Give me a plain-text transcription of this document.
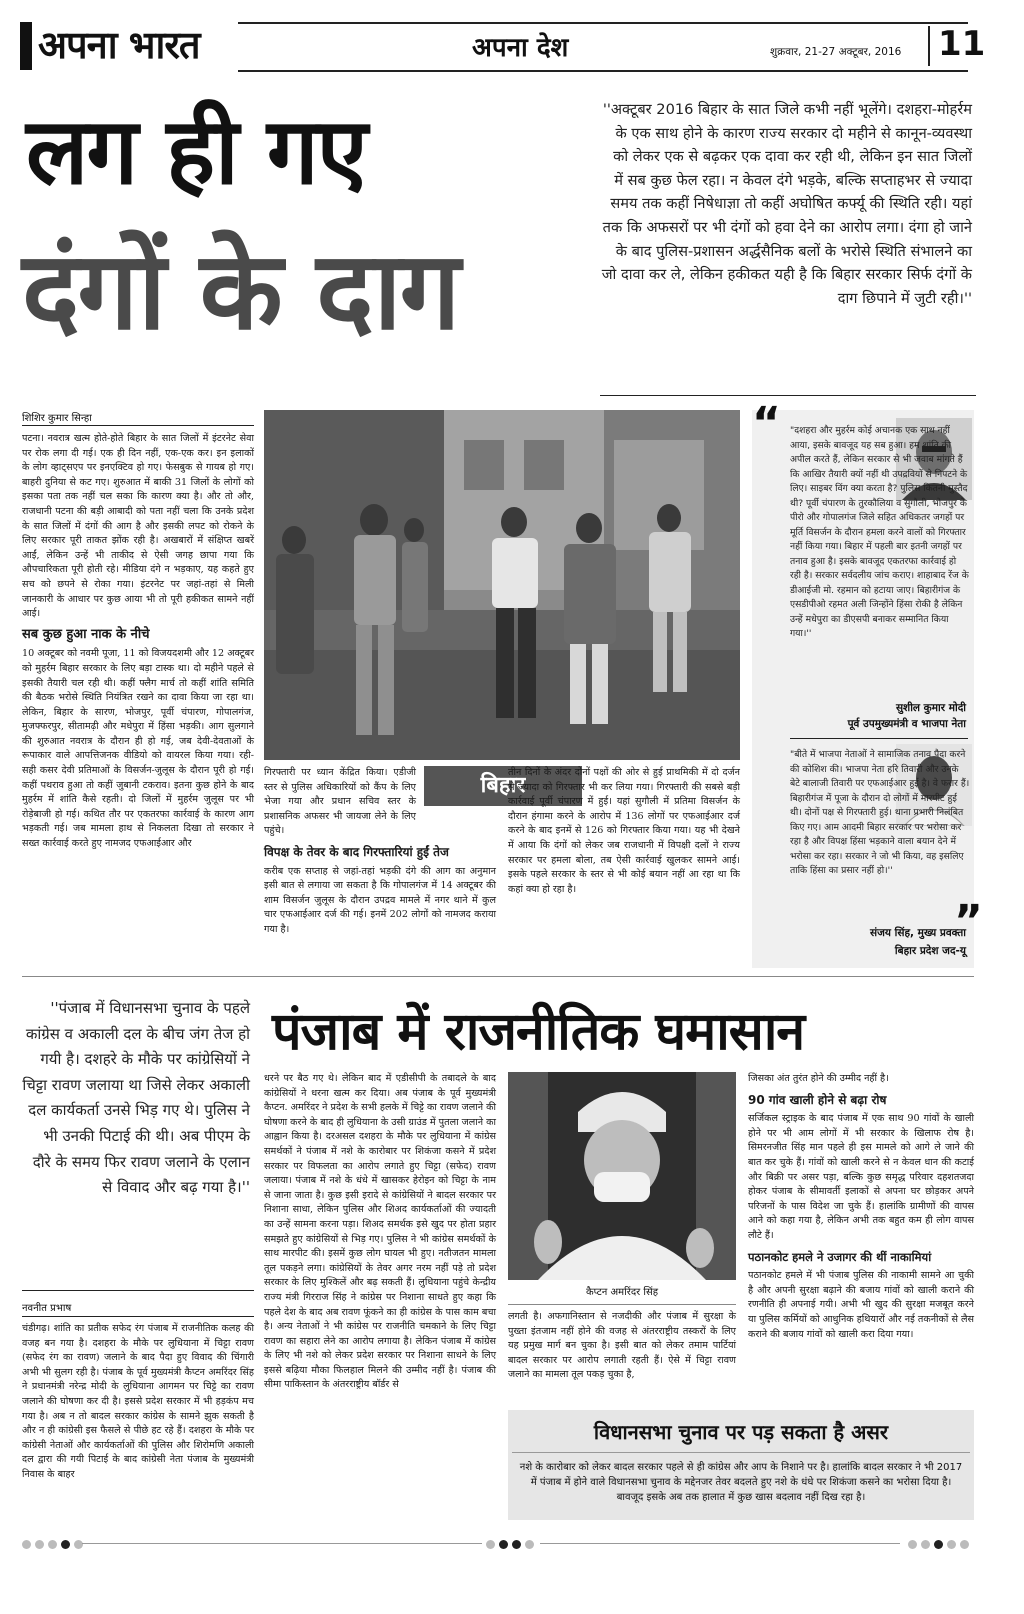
अपना भारत	अपना देश	शुक्रवार, 21-27 अक्टूबर, 2016 11
लग ही गए
दंगों के दाग
''अक्टूबर 2016 बिहार के सात जिले कभी नहीं भूलेंगे। दशहरा-मोहर्रम के एक साथ होने के कारण राज्य सरकार दो महीने से कानून-व्यवस्था को लेकर एक से बढ़कर एक दावा कर रही थी, लेकिन इन सात जिलों में सब कुछ फेल रहा। न केवल दंगे भड़के, बल्कि सप्ताहभर से ज्यादा समय तक कहीं निषेधाज्ञा तो कहीं अघोषित कर्फ्यू की स्थिति रही। यहां तक कि अफसरों पर भी दंगों को हवा देने का आरोप लगा। दंगा हो जाने के बाद पुलिस-प्रशासन अर्द्धसैनिक बलों के भरोसे स्थिति संभालने का जो दावा कर ले, लेकिन हकीकत यही है कि बिहार सरकार सिर्फ दंगों के दाग छिपाने में जुटी रही।''
शिशिर कुमार सिन्हा

पटना। नवरात्र खत्म होते-होते बिहार के सात जिलों में इंटरनेट सेवा पर रोक लगा दी गई। एक ही दिन नहीं, एक-एक कर। इन इलाकों के लोग व्हाट्सएप पर इनएक्टिव हो गए। फेसबुक से गायब हो गए। बाहरी दुनिया से कट गए। शुरुआत में बाकी 31 जिलों के लोगों को इसका पता तक नहीं चल सका कि कारण क्या है। और तो और, राजधानी पटना की बड़ी आबादी को पता नहीं चला कि उनके प्रदेश के सात जिलों में दंगों की आग है और इसकी लपट को रोकने के लिए सरकार पूरी ताकत झोंक रही है। अखबारों में संक्षिप्त खबरें आईं, लेकिन उन्हें भी ताकीद से ऐसी जगह छापा गया कि औपचारिकता पूरी होती रहे। मीडिया दंगे न भड़काए, यह कहते हुए सच को छपने से रोका गया। इंटरनेट पर जहां-तहां से मिली जानकारी के आधार पर कुछ आया भी तो पूरी हकीकत सामने नहीं आई।

सब कुछ हुआ नाक के नीचे

10 अक्टूबर को नवमी पूजा, 11 को विजयदशमी और 12 अक्टूबर को मुहर्रम बिहार सरकार के लिए बड़ा टास्क था। दो महीने पहले से इसकी तैयारी चल रही थी। कहीं फ्लैग मार्च तो कहीं शांति समिति की बैठक भरोसे स्थिति नियंत्रित रखने का दावा किया जा रहा था। लेकिन, बिहार के सारण, भोजपुर, पूर्वी चंपारण, गोपालगंज, मुजफ्फरपुर, सीतामढ़ी और मधेपुरा में हिंसा भड़की। आग सुलगाने की शुरुआत नवरात्र के दौरान ही हो गई, जब देवी-देवताओं के रूपाकार वाले आपत्तिजनक वीडियो को वायरल किया गया। रही-सही कसर देवी प्रतिमाओं के विसर्जन-जुलूस के दौरान पूरी हो गई। कहीं पथराव हुआ तो कहीं जुबानी टकराव। इतना कुछ होने के बाद मुहर्रम में शांति कैसे रहती। दो जिलों में मुहर्रम जुलूस पर भी रोड़ेबाजी हो गई। कथित तौर पर एकतरफा कार्रवाई के कारण आग भड़कती गई। जब मामला हाथ से निकलता दिखा तो सरकार ने सख्त कार्रवाई करते हुए नामजद एफआईआर और

गिरफ्तारी पर ध्यान केंद्रित किया। एडीजी स्तर से पुलिस अधिकारियों को कैंप के लिए भेजा गया और प्रधान सचिव स्तर के प्रशासनिक अफसर भी जायजा लेने के लिए पहुंचे।

विपक्ष के तेवर के बाद गिरफ्तारियां हुईं तेज

करीब एक सप्ताह से जहां-तहां भड़की दंगे की आग का अनुमान इसी बात से लगाया जा सकता है कि गोपालगंज में 14 अक्टूबर की शाम विसर्जन जुलूस के दौरान उपद्रव मामले में नगर थाने में कुल चार एफआईआर दर्ज की गई। इनमें 202 लोगों को नामजद कराया गया है।

बिहार
तीन दिनों के अंदर दोनों पक्षों की ओर से हुई प्राथमिकी में दो दर्जन से ज्यादा को गिरफ्तार भी कर लिया गया। गिरफ्तारी की सबसे बड़ी कार्रवाई पूर्वी चंपारण में हुई। यहां सुगौली में प्रतिमा विसर्जन के दौरान हंगामा करने के आरोप में 136 लोगों पर एफआईआर दर्ज करने के बाद इनमें से 126 को गिरफ्तार किया गया। यह भी देखने में आया कि दंगों को लेकर जब राजधानी में विपक्षी दलों ने राज्य सरकार पर हमला बोला, तब ऐसी कार्रवाई खुलकर सामने आई। इसके पहले सरकार के स्तर से भी कोई बयान नहीं आ रहा था कि कहां क्या हो रहा है।
“ "दशहरा और मुहर्रम कोई अचानक एक साथ नहीं आया, इसके बावजूद यह सब हुआ। हम शांति की अपील करते हैं, लेकिन सरकार से भी जवाब मांगते हैं कि आखिर तैयारी क्यों नहीं थी उपद्रवियों से निपटने के लिए। साइबर विंग क्या करता है? पुलिस कितनी मुस्तैद थी? पूर्वी चंपारण के तुरकौलिया व सुगौली, भोजपुर के पीरो और गोपालगंज जिले सहित अधिकतर जगहों पर मूर्ति विसर्जन के दौरान हमला करने वालों को गिरफ्तार नहीं किया गया। बिहार में पहली बार इतनी जगहों पर तनाव हुआ है। इसके बावजूद एकतरफा कार्रवाई हो रही है। सरकार सर्वदलीय जांच कराए। शाहाबाद रेंज के डीआईजी मो. रहमान को हटाया जाए। बिहारीगंज के एसडीपीओ रहमत अली जिन्होंने हिंसा रोकी है लेकिन उन्हें मधेपुरा का डीएसपी बनाकर सम्मानित किया गया।''
सुशील कुमार मोदी
पूर्व उपमुख्यमंत्री व भाजपा नेता
"बीते में भाजपा नेताओं ने सामाजिक तनाव पैदा करने की कोशिश की। भाजपा नेता हरि तिवारी और उनके बेटे बालाजी तिवारी पर एफआईआर हुई है। वे फरार हैं। बिहारीगंज में पूजा के दौरान दो लोगों में मारपीट हुई थी। दोनों पक्ष से गिरफ्तारी हुई। थाना प्रभारी निलंबित किए गए। आम आदमी बिहार सरकार पर भरोसा कर रहा है और विपक्ष हिंसा भड़काने वाला बयान देने में भरोसा कर रहा। सरकार ने जो भी किया, वह इसलिए ताकि हिंसा का प्रसार नहीं हो।''
”
संजय सिंह, मुख्य प्रवक्ता
बिहार प्रदेश जद-यू
''पंजाब में विधानसभा चुनाव के पहले कांग्रेस व अकाली दल के बीच जंग तेज हो गयी है। दशहरे के मौके पर कांग्रेसियों ने चिट्टा रावण जलाया था जिसे लेकर अकाली दल कार्यकर्ता उनसे भिड़ गए थे। पुलिस ने भी उनकी पिटाई की थी। अब पीएम के दौरे के समय फिर रावण जलाने के एलान से विवाद और बढ़ गया है।''
पंजाब में राजनीतिक घमासान
नवनीत प्रभाष
चंडीगढ़। शांति का प्रतीक सफेद रंग पंजाब में राजनीतिक कलह की वजह बन गया है। दशहरा के मौके पर लुधियाना में चिट्टा रावण (सफेद रंग का रावण) जलाने के बाद पैदा हुए विवाद की चिंगारी अभी भी सुलग रही है। पंजाब के पूर्व मुख्यमंत्री कैप्टन अमरिंदर सिंह ने प्रधानमंत्री नरेन्द्र मोदी के लुधियाना आगमन पर चिट्टे का रावण जलाने की घोषणा कर दी है। इससे प्रदेश सरकार में भी हड़कंप मच गया है। अब न तो बादल सरकार कांग्रेस के सामने झुक सकती है और न ही कांग्रेसी इस फैसले से पीछे हट रहे हैं। दशहरा के मौके पर कांग्रेसी नेताओं और कार्यकर्ताओं की पुलिस और शिरोमणि अकाली दल द्वारा की गयी पिटाई के बाद कांग्रेसी नेता पंजाब के मुख्यमंत्री निवास के बाहर
धरने पर बैठ गए थे। लेकिन बाद में एडीसीपी के तबादले के बाद कांग्रेसियों ने धरना खत्म कर दिया। अब पंजाब के पूर्व मुख्यमंत्री कैप्टन. अमरिंदर ने प्रदेश के सभी हलके में चिट्टे का रावण जलाने की घोषणा करने के बाद ही लुधियाना के उसी ग्राउंड में पुतला जलाने का आह्वान किया है। दरअसल दशहरा के मौके पर लुधियाना में कांग्रेस समर्थकों ने पंजाब में नशे के कारोबार पर शिकंजा कसने में प्रदेश सरकार पर विफलता का आरोप लगाते हुए चिट्टा (सफेद) रावण जलाया। पंजाब में नशे के धंधे में खासकर हेरोइन को चिट्टा के नाम से जाना जाता है। कुछ इसी इरादे से कांग्रेसियों ने बादल सरकार पर निशाना साधा, लेकिन पुलिस और शिअद कार्यकर्ताओं की ज्यादती का उन्हें सामना करना पड़ा। शिअद समर्थक इसे खुद पर होता प्रहार समझते हुए कांग्रेसियों से भिड़ गए। पुलिस ने भी कांग्रेस समर्थकों के साथ मारपीट की। इसमें कुछ लोग घायल भी हुए। नतीजतन मामला तूल पकड़ने लगा। कांग्रेसियों के तेवर अगर नरम नहीं पड़े तो प्रदेश सरकार के लिए मुश्किलें और बढ़ सकती हैं। लुधियाना पहुंचे केन्द्रीय राज्य मंत्री गिरराज सिंह ने कांग्रेस पर निशाना साधते हुए कहा कि पहले देश के बाद अब रावण फूंकने का ही कांग्रेस के पास काम बचा है। अन्य नेताओं ने भी कांग्रेस पर राजनीति चमकाने के लिए चिट्टा रावण का सहारा लेने का आरोप लगाया है। लेकिन पंजाब में कांग्रेस के लिए भी नशे को लेकर प्रदेश सरकार पर निशाना साधने के लिए इससे बढ़िया मौका फिलहाल मिलने की उम्मीद नहीं है। पंजाब की सीमा पाकिस्तान के अंतरराष्ट्रीय बॉर्डर से
कैप्टन अमरिंदर सिंह
लगती है। अफगानिस्तान से नजदीकी और पंजाब में सुरक्षा के पुख्ता इंतजाम नहीं होने की वजह से अंतरराष्ट्रीय तस्करों के लिए यह प्रमुख मार्ग बन चुका है। इसी बात को लेकर तमाम पार्टियां बादल सरकार पर आरोप लगाती रहती हैं। ऐसे में चिट्टा रावण जलाने का मामला तूल पकड़ चुका है,

जिसका अंत तुरंत होने की उम्मीद नहीं है।

90 गांव खाली होने से बढ़ा रोष

सर्जिकल स्ट्राइक के बाद पंजाब में एक साथ 90 गांवों के खाली होने पर भी आम लोगों में भी सरकार के खिलाफ रोष है। सिमरनजीत सिंह मान पहले ही इस मामले को आगे ले जाने की बात कर चुके हैं। गांवों को खाली करने से न केवल धान की कटाई और बिक्री पर असर पड़ा, बल्कि कुछ समृद्ध परिवार दहशतजदा होकर पंजाब के सीमावर्ती इलाकों से अपना घर छोड़कर अपने परिजनों के पास विदेश जा चुके हैं। हालांकि ग्रामीणों की वापस आने को कहा गया है, लेकिन अभी तक बहुत कम ही लोग वापस लौटे हैं।

पठानकोट हमले ने उजागर की थीं नाकामियां

पठानकोट हमले में भी पंजाब पुलिस की नाकामी सामने आ चुकी है और अपनी सुरक्षा बढ़ाने की बजाय गांवों को खाली कराने की रणनीति ही अपनाई गयी। अभी भी खुद की सुरक्षा मजबूत करने या पुलिस कर्मियों को आधुनिक हथियारों और नई तकनीकों से लैस कराने की बजाय गांवों को खाली करा दिया गया।

विधानसभा चुनाव पर पड़ सकता है असर
नशे के कारोबार को लेकर बादल सरकार पहले से ही कांग्रेस और आप के निशाने पर है। हालांकि बादल सरकार ने भी 2017 में पंजाब में होने वाले विधानसभा चुनाव के मद्देनजर तेवर बदलते हुए नशे के धंधे पर शिकंजा कसने का भरोसा दिया है। बावजूद इसके अब तक हालात में कुछ खास बदलाव नहीं दिख रहा है।
